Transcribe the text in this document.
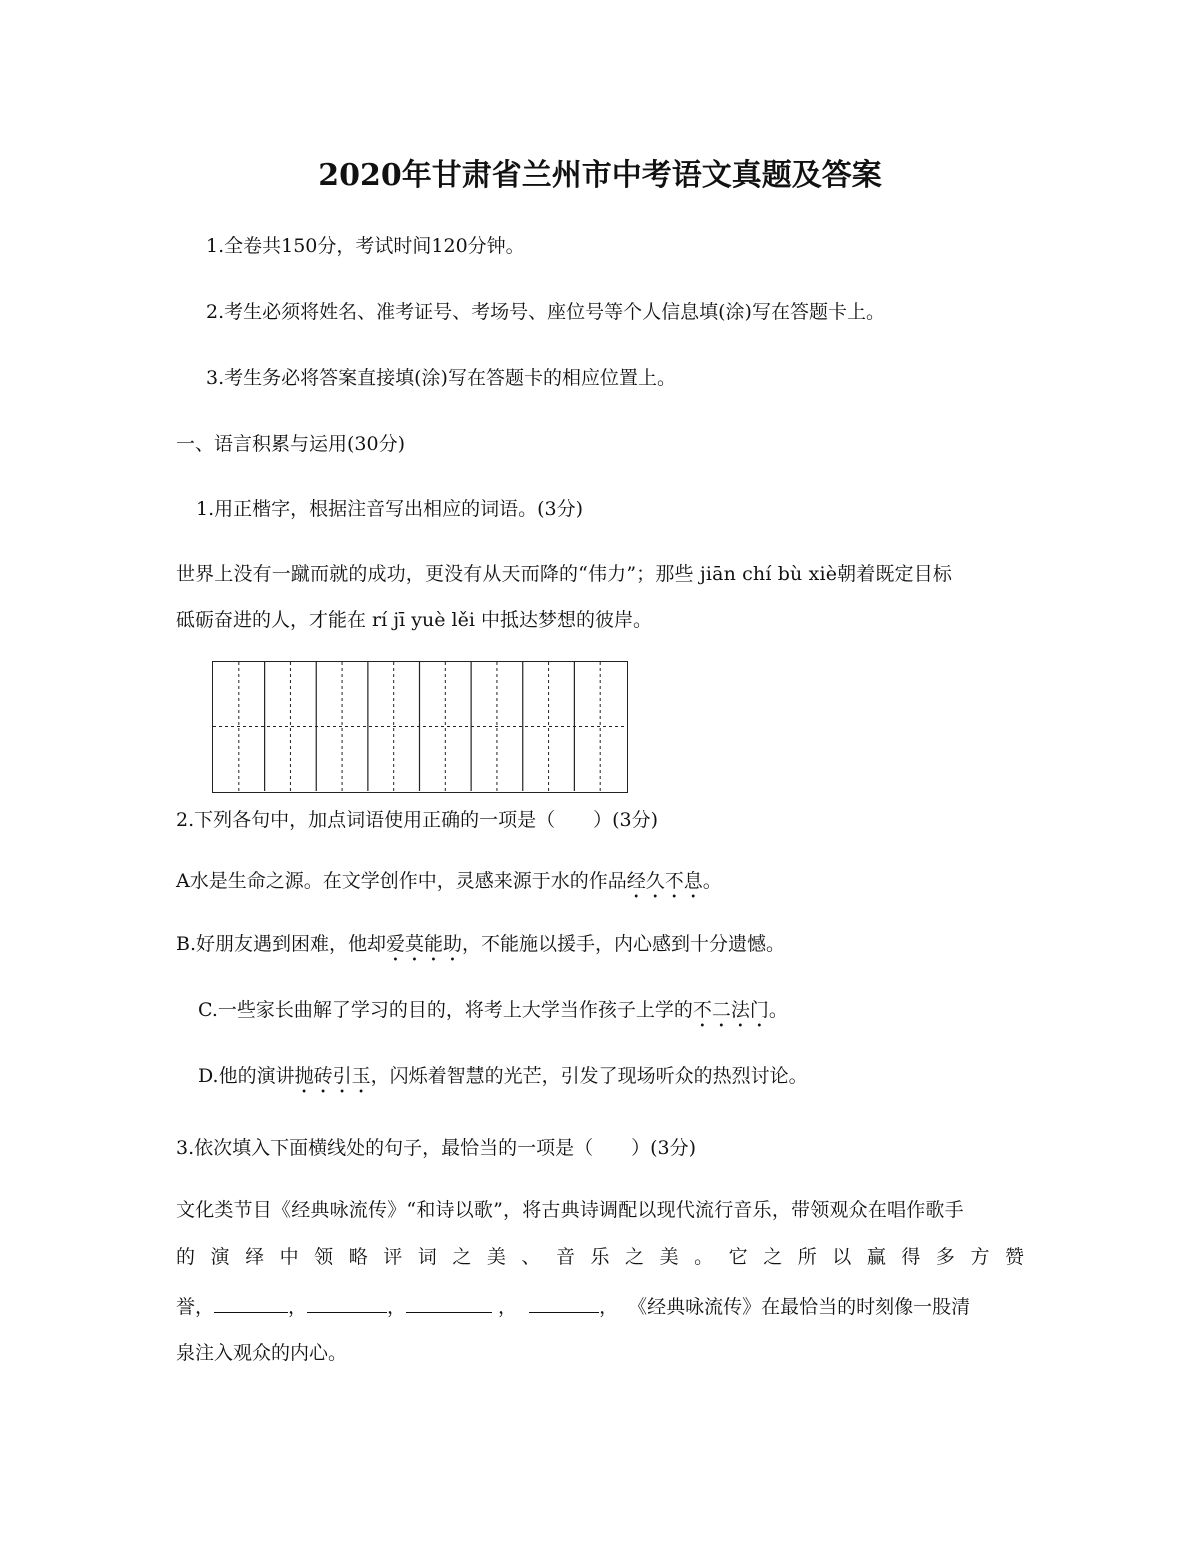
2020年甘肃省兰州市中考语文真题及答案
1.全卷共150分，考试时间120分钟。
2.考生必须将姓名、准考证号、考场号、座位号等个人信息填(涂)写在答题卡上。
3.考生务必将答案直接填(涂)写在答题卡的相应位置上。
一、语言积累与运用(30分)
1.用正楷字，根据注音写出相应的词语。(3分)
世界上没有一蹴而就的成功，更没有从天而降的“伟力”；那些 jiān chí bù xiè朝着既定目标
砥砺奋进的人，才能在 rí jī yuè lěi 中抵达梦想的彼岸。
2.下列各句中，加点词语使用正确的一项是（　　）(3分)
A水是生命之源。在文学创作中，灵感来源于水的作品经久不息。
B.好朋友遇到困难，他却爱莫能助，不能施以援手，内心感到十分遗憾。
C.一些家长曲解了学习的目的，将考上大学当作孩子上学的不二法门。
D.他的演讲抛砖引玉，闪烁着智慧的光芒，引发了现场听众的热烈讨论。
3.依次填入下面横线处的句子，最恰当的一项是（　　）(3分)
文化类节目《经典咏流传》“和诗以歌”，将古典诗调配以现代流行音乐，带领观众在唱作歌手
的演绎中领略评词之美、音乐之美。它之所以赢得多方赞
誉，	，	，	，	， 《经典咏流传》在最恰当的时刻像一股清
泉注入观众的内心。
